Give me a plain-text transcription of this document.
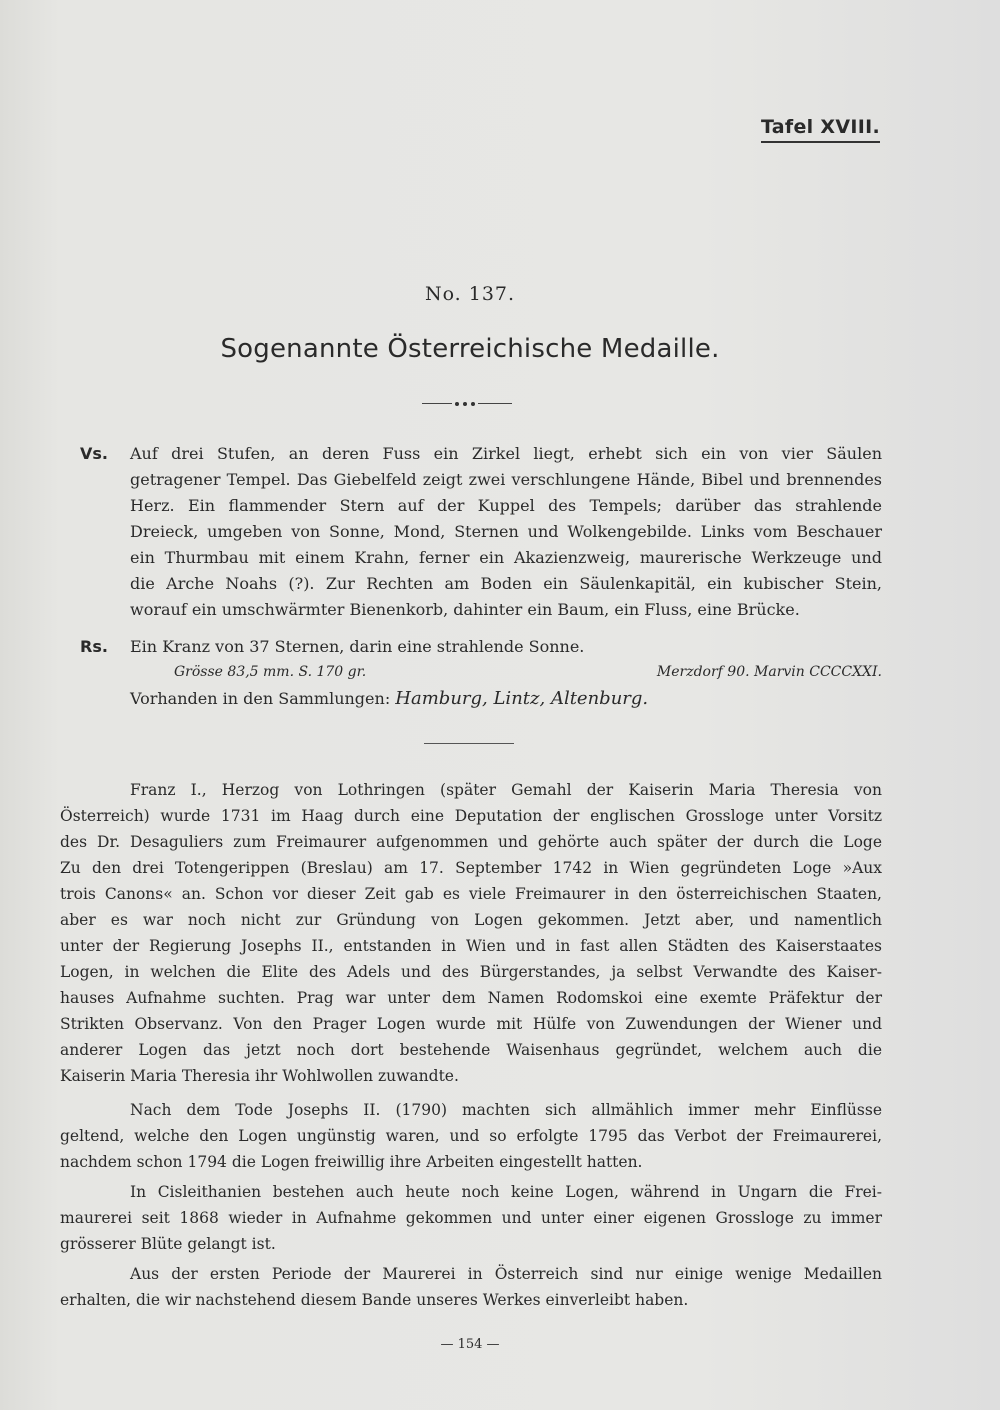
Tafel XVIII.
No. 137.
Sogenannte Österreichische Medaille.
Vs. Auf drei Stufen, an deren Fuss ein Zirkel liegt, erhebt sich ein von vier Säulen
getragener Tempel. Das Giebelfeld zeigt zwei verschlungene Hände, Bibel und brennendes
Herz. Ein flammender Stern auf der Kuppel des Tempels; darüber das strahlende
Dreieck, umgeben von Sonne, Mond, Sternen und Wolkengebilde. Links vom Beschauer
ein Thurmbau mit einem Krahn, ferner ein Akazienzweig, maurerische Werkzeuge und
die Arche Noahs (?). Zur Rechten am Boden ein Säulenkapitäl, ein kubischer Stein,
worauf ein umschwärmter Bienenkorb, dahinter ein Baum, ein Fluss, eine Brücke.
Rs. Ein Kranz von 37 Sternen, darin eine strahlende Sonne.
Grösse 83,5 mm. S. 170 gr.	Merzdorf 90. Marvin CCCCXXI.
Vorhanden in den Sammlungen: Hamburg, Lintz, Altenburg.
Franz I., Herzog von Lothringen (später Gemahl der Kaiserin Maria Theresia von
Österreich) wurde 1731 im Haag durch eine Deputation der englischen Grossloge unter Vorsitz
des Dr. Desaguliers zum Freimaurer aufgenommen und gehörte auch später der durch die Loge
Zu den drei Totengerippen (Breslau) am 17. September 1742 in Wien gegründeten Loge »Aux
trois Canons« an. Schon vor dieser Zeit gab es viele Freimaurer in den österreichischen Staaten,
aber es war noch nicht zur Gründung von Logen gekommen. Jetzt aber, und namentlich
unter der Regierung Josephs II., entstanden in Wien und in fast allen Städten des Kaiserstaates
Logen, in welchen die Elite des Adels und des Bürgerstandes, ja selbst Verwandte des Kaiser-
hauses Aufnahme suchten. Prag war unter dem Namen Rodomskoi eine exemte Präfektur der
Strikten Observanz. Von den Prager Logen wurde mit Hülfe von Zuwendungen der Wiener und
anderer Logen das jetzt noch dort bestehende Waisenhaus gegründet, welchem auch die
Kaiserin Maria Theresia ihr Wohlwollen zuwandte.
Nach dem Tode Josephs II. (1790) machten sich allmählich immer mehr Einflüsse
geltend, welche den Logen ungünstig waren, und so erfolgte 1795 das Verbot der Freimaurerei,
nachdem schon 1794 die Logen freiwillig ihre Arbeiten eingestellt hatten.
In Cisleithanien bestehen auch heute noch keine Logen, während in Ungarn die Frei-
maurerei seit 1868 wieder in Aufnahme gekommen und unter einer eigenen Grossloge zu immer
grösserer Blüte gelangt ist.
Aus der ersten Periode der Maurerei in Österreich sind nur einige wenige Medaillen
erhalten, die wir nachstehend diesem Bande unseres Werkes einverleibt haben.
— 154 —
